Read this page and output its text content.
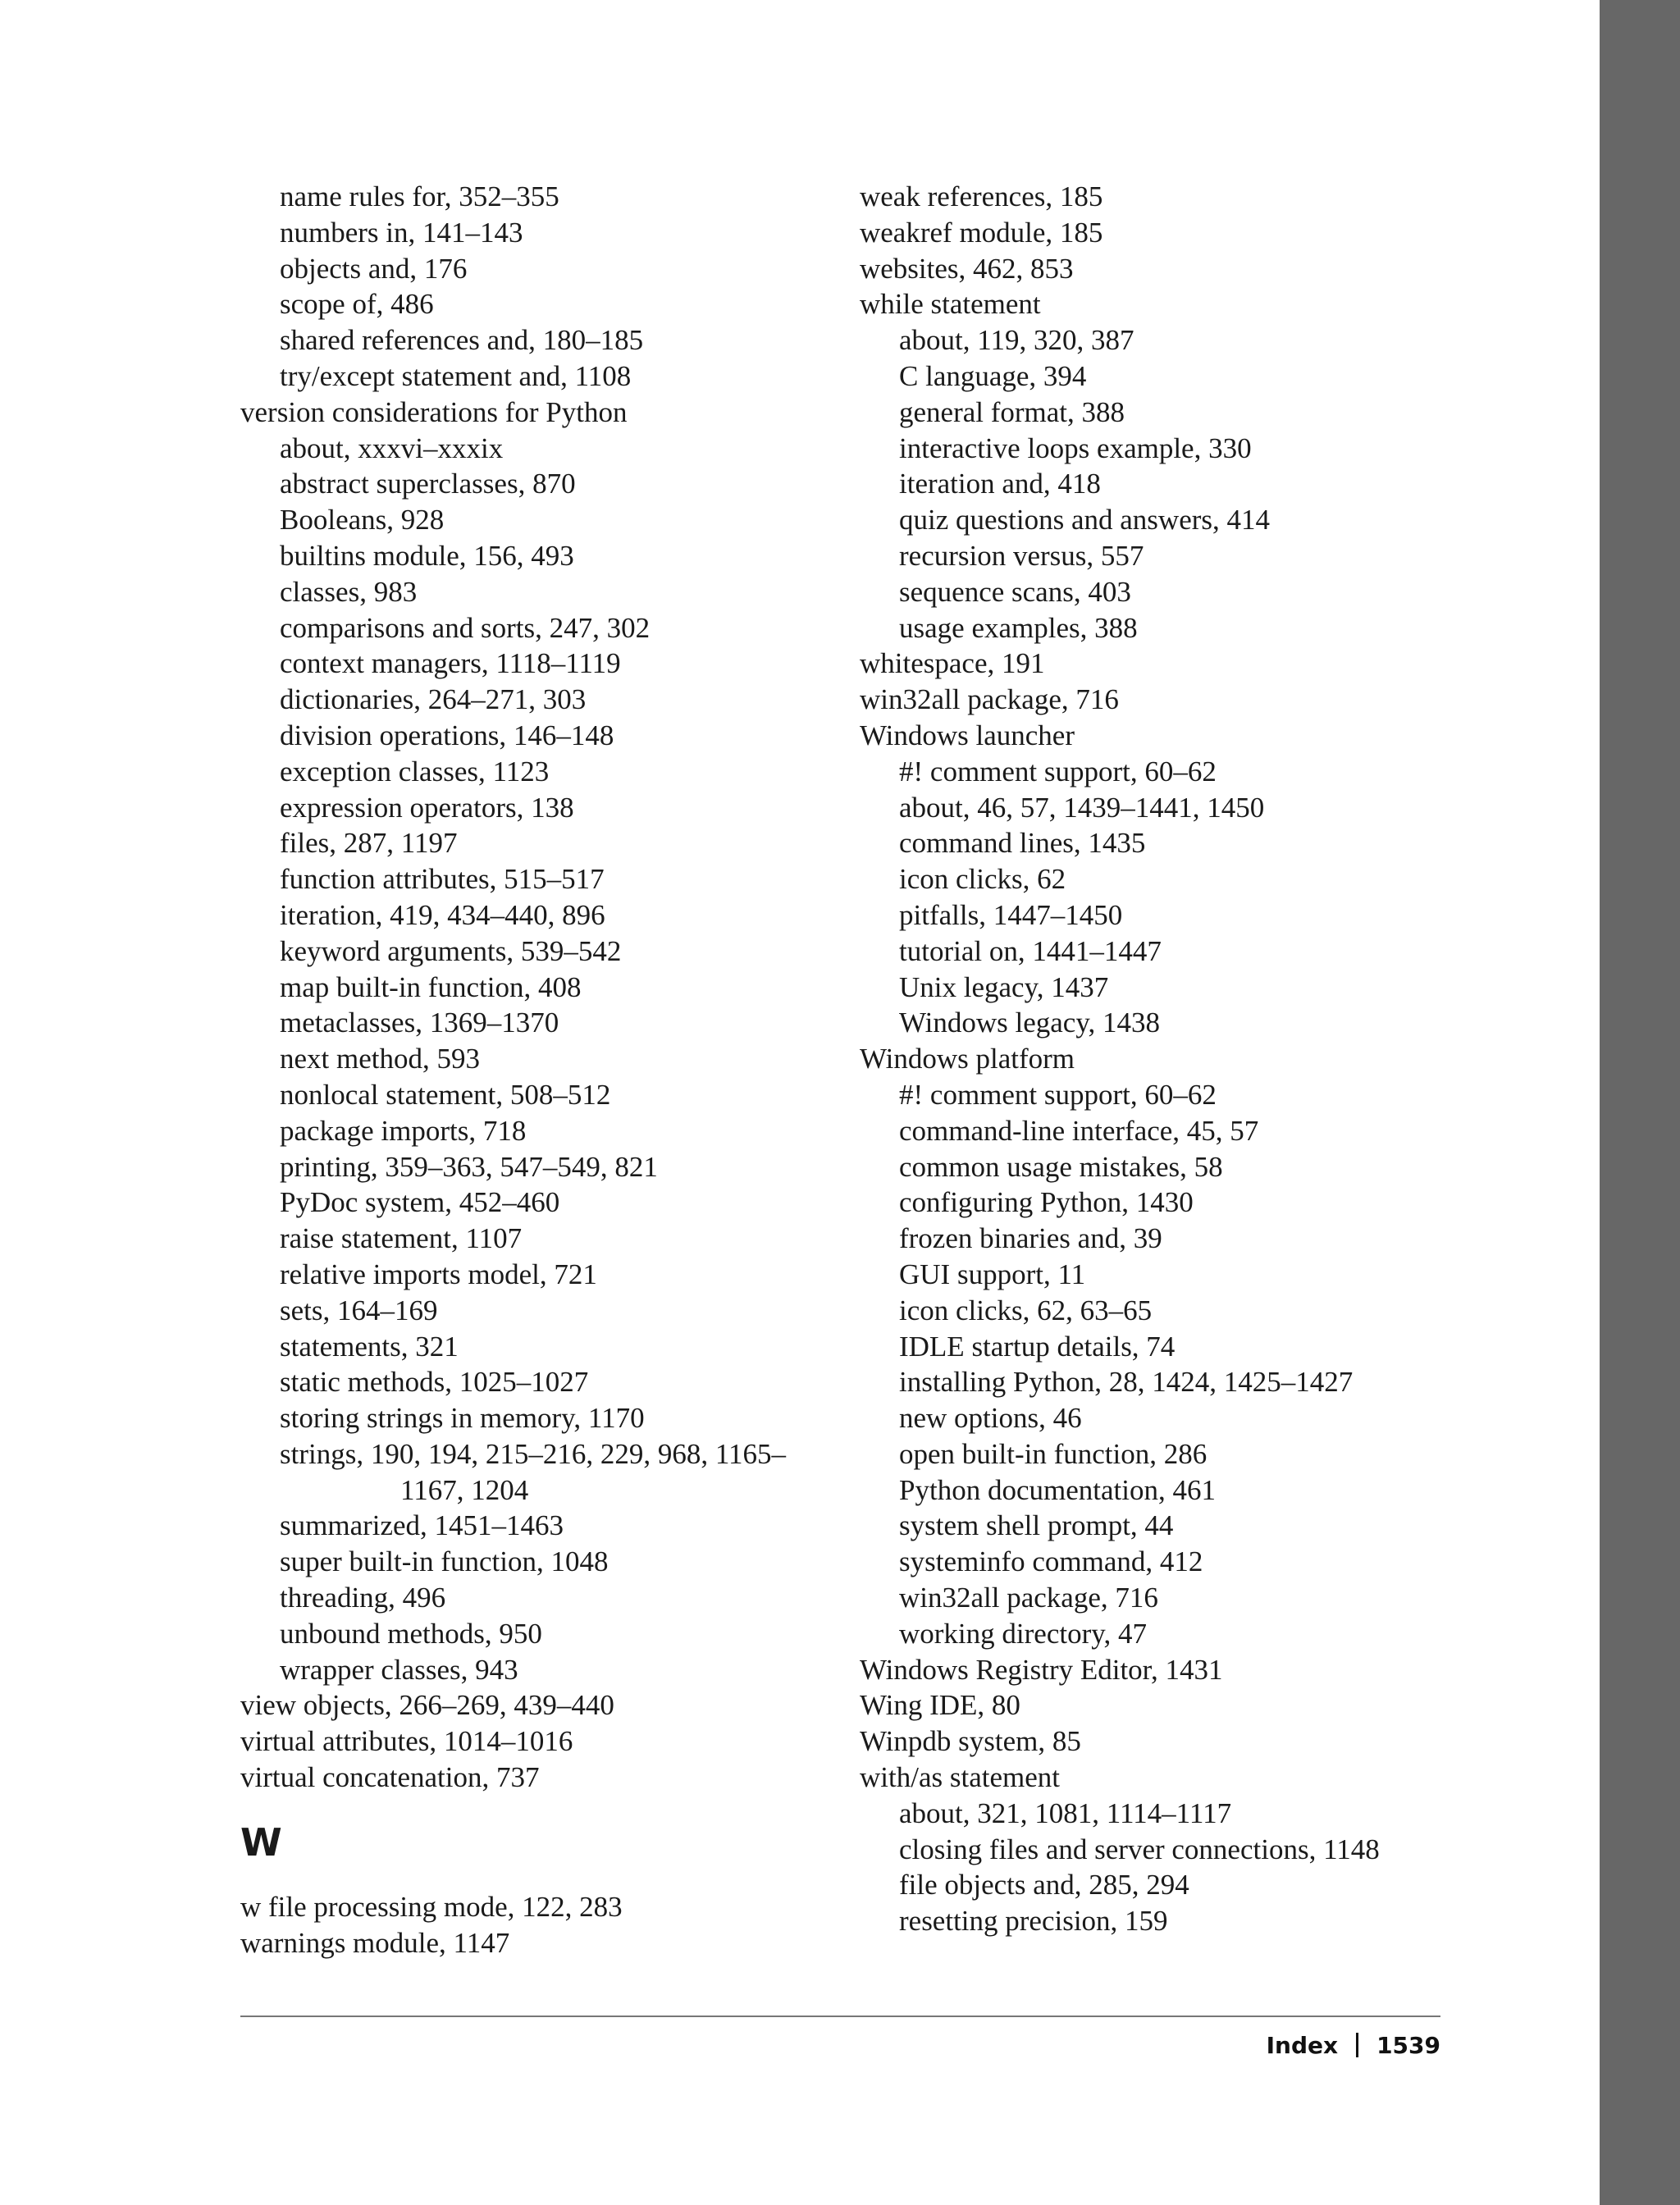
name rules for, 352–355
numbers in, 141–143
objects and, 176
scope of, 486
shared references and, 180–185
try/except statement and, 1108
version considerations for Python
about, xxxvi–xxxix
abstract superclasses, 870
Booleans, 928
builtins module, 156, 493
classes, 983
comparisons and sorts, 247, 302
context managers, 1118–1119
dictionaries, 264–271, 303
division operations, 146–148
exception classes, 1123
expression operators, 138
files, 287, 1197
function attributes, 515–517
iteration, 419, 434–440, 896
keyword arguments, 539–542
map built-in function, 408
metaclasses, 1369–1370
next method, 593
nonlocal statement, 508–512
package imports, 718
printing, 359–363, 547–549, 821
PyDoc system, 452–460
raise statement, 1107
relative imports model, 721
sets, 164–169
statements, 321
static methods, 1025–1027
storing strings in memory, 1170
strings, 190, 194, 215–216, 229, 968, 1165–
1167, 1204
summarized, 1451–1463
super built-in function, 1048
threading, 496
unbound methods, 950
wrapper classes, 943
view objects, 266–269, 439–440
virtual attributes, 1014–1016
virtual concatenation, 737
W
w file processing mode, 122, 283
warnings module, 1147
weak references, 185
weakref module, 185
websites, 462, 853
while statement
about, 119, 320, 387
C language, 394
general format, 388
interactive loops example, 330
iteration and, 418
quiz questions and answers, 414
recursion versus, 557
sequence scans, 403
usage examples, 388
whitespace, 191
win32all package, 716
Windows launcher
#! comment support, 60–62
about, 46, 57, 1439–1441, 1450
command lines, 1435
icon clicks, 62
pitfalls, 1447–1450
tutorial on, 1441–1447
Unix legacy, 1437
Windows legacy, 1438
Windows platform
#! comment support, 60–62
command-line interface, 45, 57
common usage mistakes, 58
configuring Python, 1430
frozen binaries and, 39
GUI support, 11
icon clicks, 62, 63–65
IDLE startup details, 74
installing Python, 28, 1424, 1425–1427
new options, 46
open built-in function, 286
Python documentation, 461
system shell prompt, 44
systeminfo command, 412
win32all package, 716
working directory, 47
Windows Registry Editor, 1431
Wing IDE, 80
Winpdb system, 85
with/as statement
about, 321, 1081, 1114–1117
closing files and server connections, 1148
file objects and, 285, 294
resetting precision, 159
Index 1539
